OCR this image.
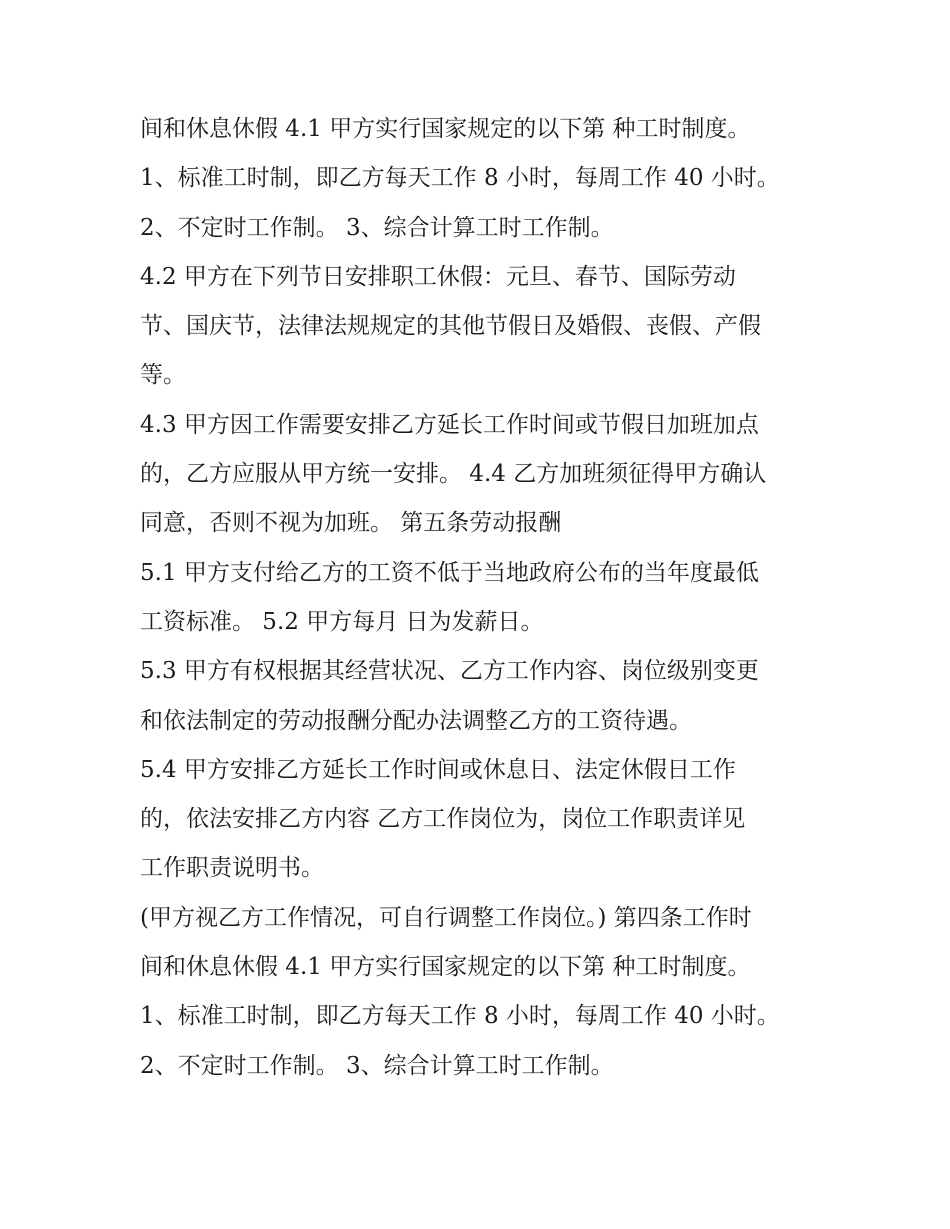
间和休息休假 4.1 甲方实行国家规定的以下第 种工时制度。
1、标准工时制，即乙方每天工作 8 小时，每周工作 40 小时。
2、不定时工作制。 3、综合计算工时工作制。
4.2 甲方在下列节日安排职工休假：元旦、春节、国际劳动
节、国庆节，法律法规规定的其他节假日及婚假、丧假、产假
等。
4.3 甲方因工作需要安排乙方延长工作时间或节假日加班加点
的，乙方应服从甲方统一安排。 4.4 乙方加班须征得甲方确认
同意，否则不视为加班。 第五条劳动报酬
5.1 甲方支付给乙方的工资不低于当地政府公布的当年度最低
工资标准。 5.2 甲方每月 日为发薪日。
5.3 甲方有权根据其经营状况、乙方工作内容、岗位级别变更
和依法制定的劳动报酬分配办法调整乙方的工资待遇。
5.4 甲方安排乙方延长工作时间或休息日、法定休假日工作
的，依法安排乙方内容 乙方工作岗位为，岗位工作职责详见
工作职责说明书。
(甲方视乙方工作情况，可自行调整工作岗位。) 第四条工作时
间和休息休假 4.1 甲方实行国家规定的以下第 种工时制度。
1、标准工时制，即乙方每天工作 8 小时，每周工作 40 小时。
2、不定时工作制。 3、综合计算工时工作制。
